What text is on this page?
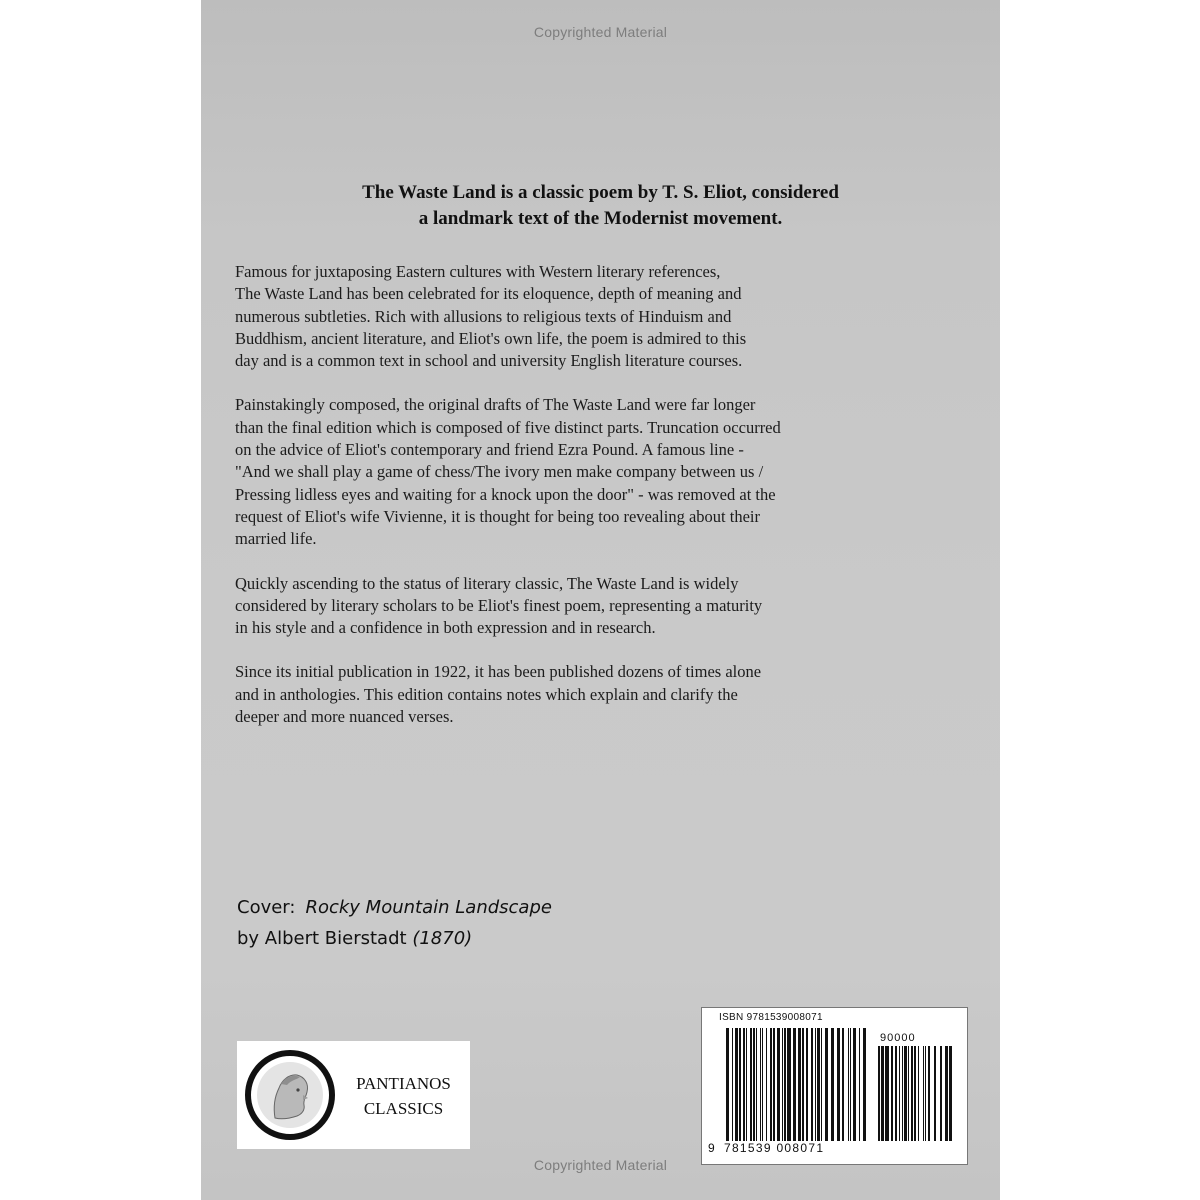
Copyrighted Material
The Waste Land is a classic poem by T. S. Eliot, considered
a landmark text of the Modernist movement.

Famous for juxtaposing Eastern cultures with Western literary references,
The Waste Land has been celebrated for its eloquence, depth of meaning and
numerous subtleties. Rich with allusions to religious texts of Hinduism and
Buddhism, ancient literature, and Eliot's own life, the poem is admired to this
day and is a common text in school and university English literature courses.

Painstakingly composed, the original drafts of The Waste Land were far longer
than the final edition which is composed of five distinct parts. Truncation occurred
on the advice of Eliot's contemporary and friend Ezra Pound. A famous line -
"And we shall play a game of chess/The ivory men make company between us /
Pressing lidless eyes and waiting for a knock upon the door" - was removed at the
request of Eliot's wife Vivienne, it is thought for being too revealing about their
married life.

Quickly ascending to the status of literary classic, The Waste Land is widely
considered by literary scholars to be Eliot's finest poem, representing a maturity
in his style and a confidence in both expression and in research.

Since its initial publication in 1922, it has been published dozens of times alone
and in anthologies. This edition contains notes which explain and clarify the
deeper and more nuanced verses.

Cover: Rocky Mountain Landscape
by Albert Bierstadt (1870)
PANTIANOS
CLASSICS
ISBN 9781539008071
90000
9 781539 008071
Copyrighted Material
